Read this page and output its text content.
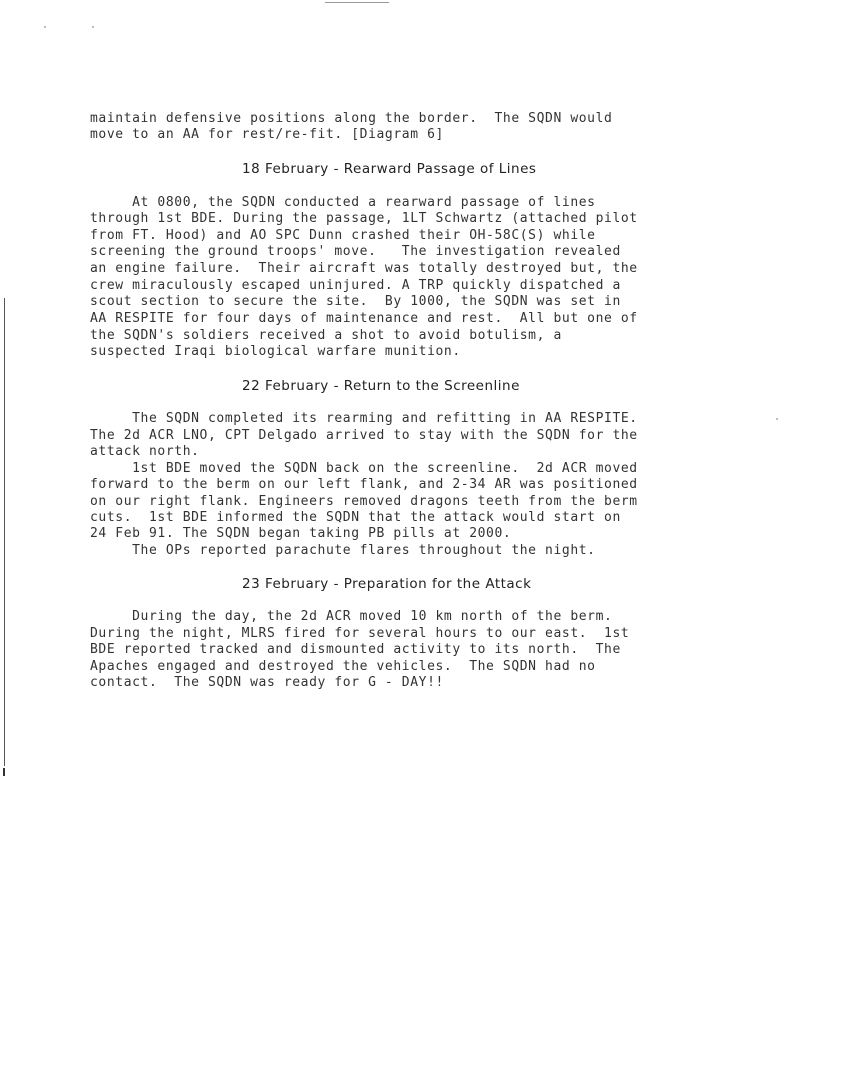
maintain defensive positions along the border.  The SQDN would
move to an AA for rest/re-fit. [Diagram 6]
18 February - Rearward Passage of Lines
At 0800, the SQDN conducted a rearward passage of lines
through 1st BDE. During the passage, 1LT Schwartz (attached pilot
from FT. Hood) and AO SPC Dunn crashed their OH-58C(S) while
screening the ground troops' move.   The investigation revealed
an engine failure.  Their aircraft was totally destroyed but, the
crew miraculously escaped uninjured. A TRP quickly dispatched a
scout section to secure the site.  By 1000, the SQDN was set in
AA RESPITE for four days of maintenance and rest.  All but one of
the SQDN's soldiers received a shot to avoid botulism, a
suspected Iraqi biological warfare munition.
22 February - Return to the Screenline
The SQDN completed its rearming and refitting in AA RESPITE.
The 2d ACR LNO, CPT Delgado arrived to stay with the SQDN for the
attack north.
1st BDE moved the SQDN back on the screenline.  2d ACR moved
forward to the berm on our left flank, and 2-34 AR was positioned
on our right flank. Engineers removed dragons teeth from the berm
cuts.  1st BDE informed the SQDN that the attack would start on
24 Feb 91. The SQDN began taking PB pills at 2000.
The OPs reported parachute flares throughout the night.
23 February - Preparation for the Attack
During the day, the 2d ACR moved 10 km north of the berm.
During the night, MLRS fired for several hours to our east.  1st
BDE reported tracked and dismounted activity to its north.  The
Apaches engaged and destroyed the vehicles.  The SQDN had no
contact.  The SQDN was ready for G - DAY!!
